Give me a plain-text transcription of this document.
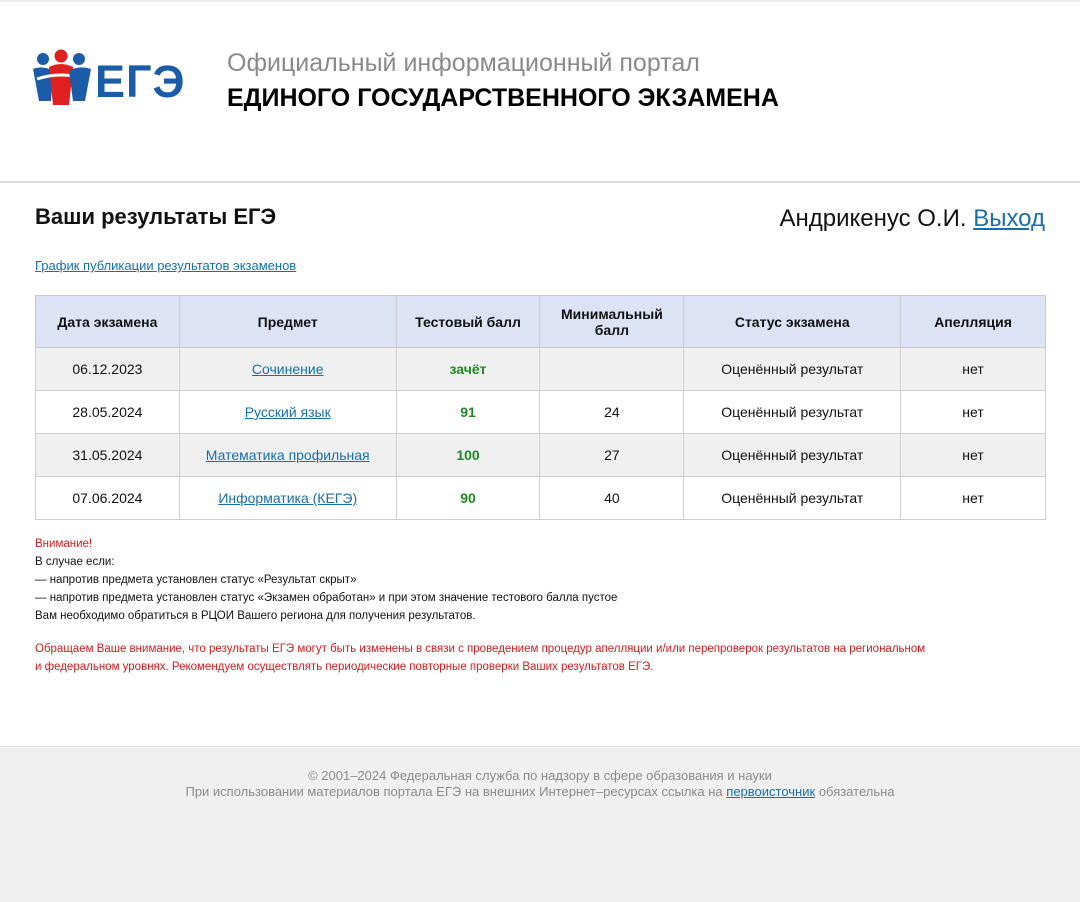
ЕГЭ Официальный информационный портал
ЕДИНОГО ГОСУДАРСТВЕННОГО ЭКЗАМЕНА
Ваши результаты ЕГЭ	Андрикенус О.И. Выход
График публикации результатов экзаменов
Дата экзамена	Предмет	Тестовый балл	Минимальный балл	Статус экзамена	Апелляция
06.12.2023	Сочинение	зачёт		Оценённый результат	нет
28.05.2024	Русский язык	91	24	Оценённый результат	нет
31.05.2024	Математика профильная	100	27	Оценённый результат	нет
07.06.2024	Информатика (КЕГЭ)	90	40	Оценённый результат	нет
Внимание!
В случае если:
— напротив предмета установлен статус «Результат скрыт»
— напротив предмета установлен статус «Экзамен обработан» и при этом значение тестового балла пустое
Вам необходимо обратиться в РЦОИ Вашего региона для получения результатов.
Обращаем Ваше внимание, что результаты ЕГЭ могут быть изменены в связи с проведением процедур апелляции и/или перепроверок результатов на региональном
и федеральном уровнях. Рекомендуем осуществлять периодические повторные проверки Ваших результатов ЕГЭ.
© 2001–2024 Федеральная служба по надзору в сфере образования и науки
При использовании материалов портала ЕГЭ на внешних Интернет–ресурсах ссылка на первоисточник обязательна
